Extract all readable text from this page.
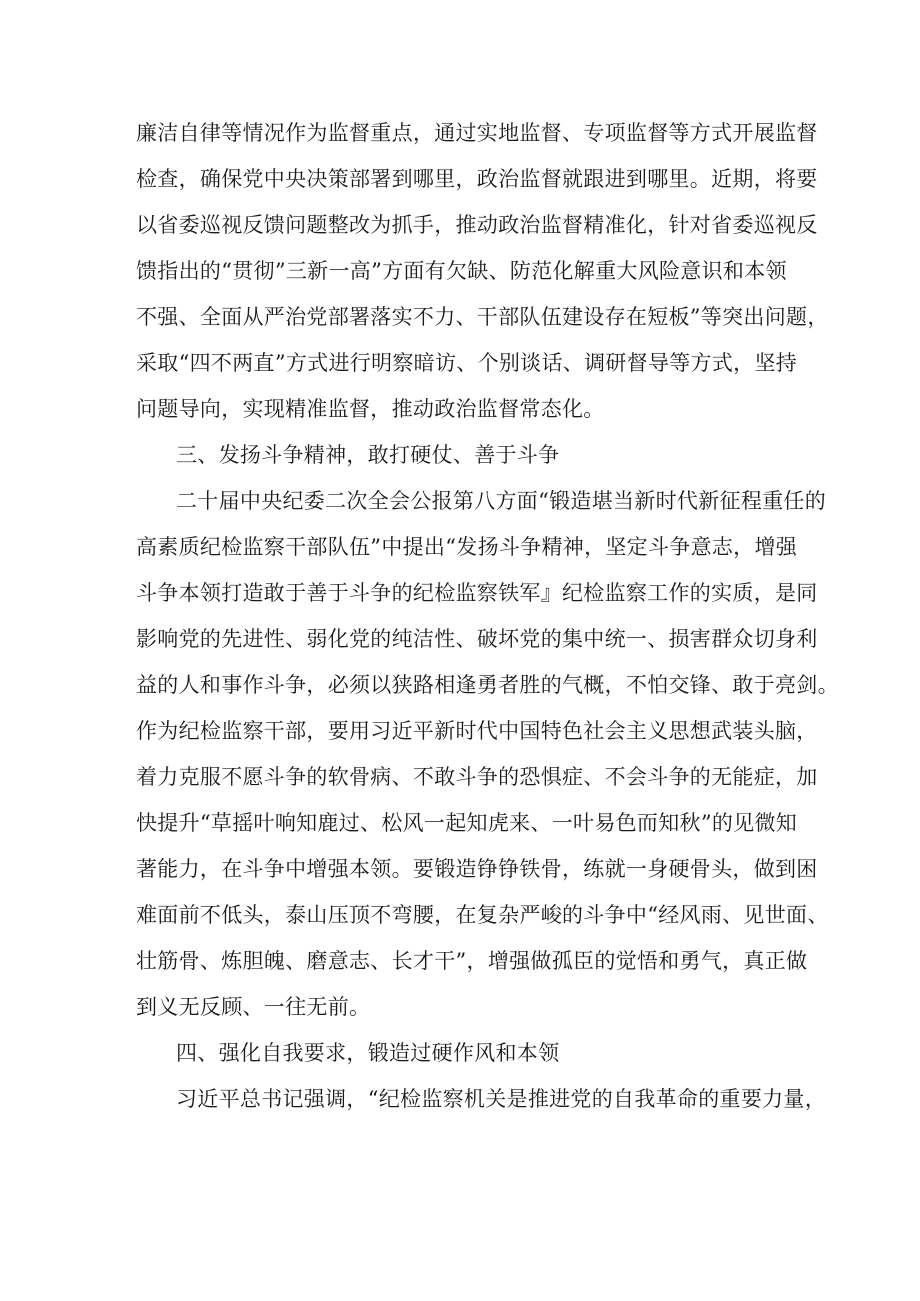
廉洁自律等情况作为监督重点，通过实地监督、专项监督等方式开展监督
检查，确保党中央决策部署到哪里，政治监督就跟进到哪里。近期，将要
以省委巡视反馈问题整改为抓手，推动政治监督精准化，针对省委巡视反
馈指出的“贯彻”三新一高”方面有欠缺、防范化解重大风险意识和本领
不强、全面从严治党部署落实不力、干部队伍建设存在短板”等突出问题，
采取“四不两直”方式进行明察暗访、个别谈话、调研督导等方式，坚持
问题导向，实现精准监督，推动政治监督常态化。
三、发扬斗争精神，敢打硬仗、善于斗争
二十届中央纪委二次全会公报第八方面“锻造堪当新时代新征程重任的
高素质纪检监察干部队伍”中提出“发扬斗争精神，坚定斗争意志，增强
斗争本领打造敢于善于斗争的纪检监察铁军』纪检监察工作的实质，是同
影响党的先进性、弱化党的纯洁性、破坏党的集中统一、损害群众切身利
益的人和事作斗争，必须以狭路相逢勇者胜的气概，不怕交锋、敢于亮剑。
作为纪检监察干部，要用习近平新时代中国特色社会主义思想武装头脑，
着力克服不愿斗争的软骨病、不敢斗争的恐惧症、不会斗争的无能症，加
快提升“草摇叶响知鹿过、松风一起知虎来、一叶易色而知秋”的见微知
著能力，在斗争中增强本领。要锻造铮铮铁骨，练就一身硬骨头，做到困
难面前不低头，泰山压顶不弯腰，在复杂严峻的斗争中“经风雨、见世面、
壮筋骨、炼胆魄、磨意志、长才干”，增强做孤臣的觉悟和勇气，真正做
到义无反顾、一往无前。
四、强化自我要求，锻造过硬作风和本领
习近平总书记强调，“纪检监察机关是推进党的自我革命的重要力量，
